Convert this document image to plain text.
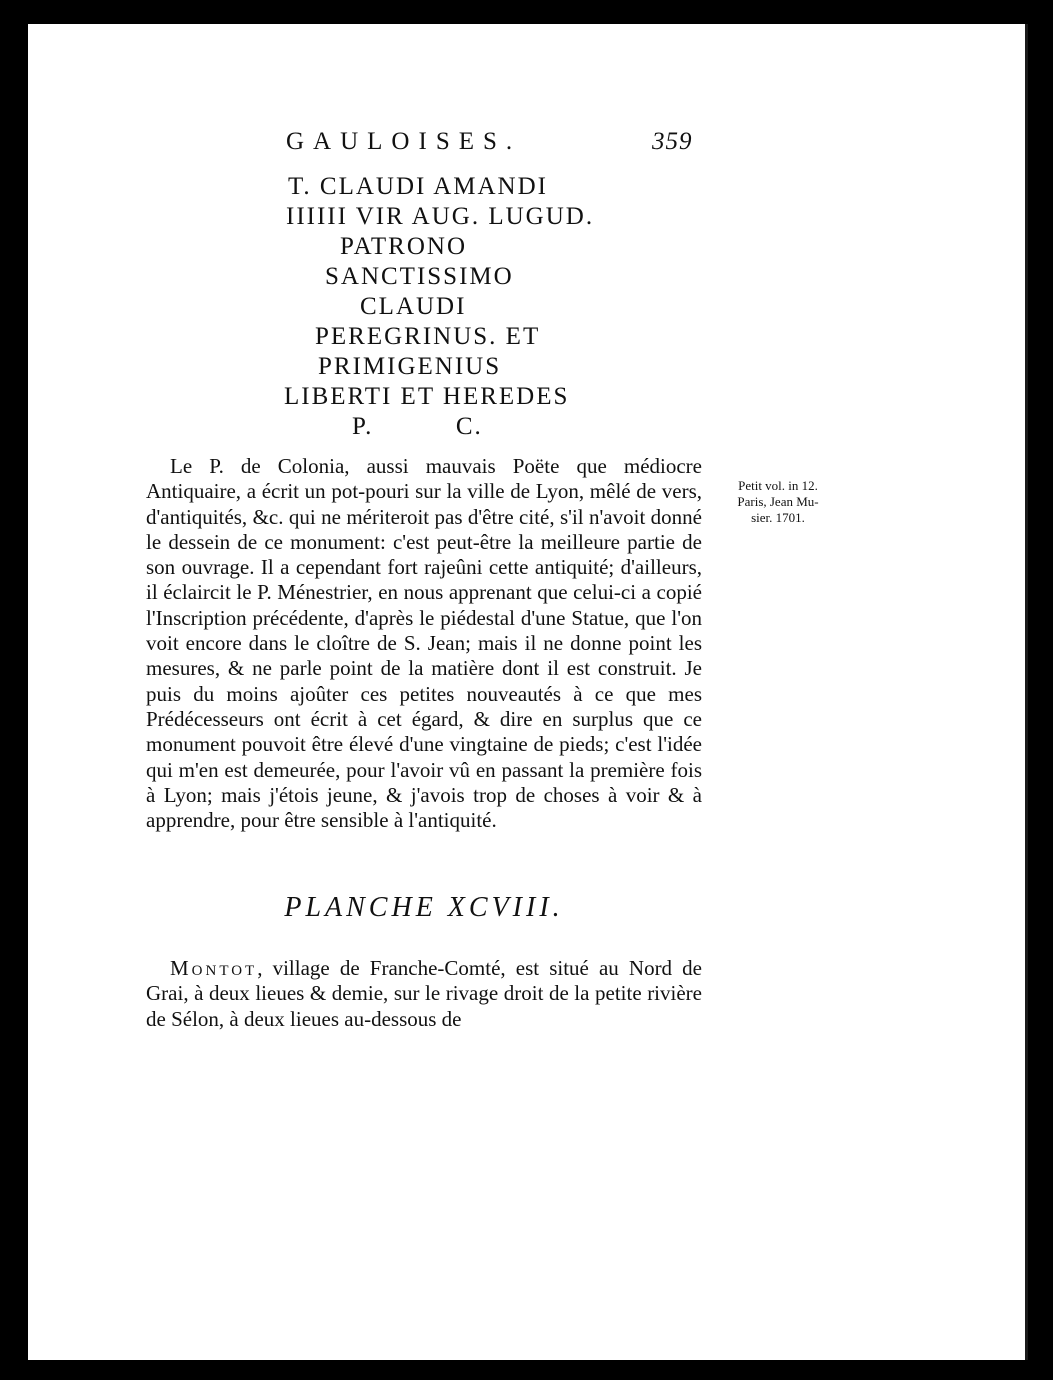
GAULOISES.	359
T. CLAUDI AMANDI
IIIIII VIR AUG. LUGUD.
PATRONO
SANCTISSIMO
CLAUDI
PEREGRINUS. ET
PRIMIGENIUS
LIBERTI ET HEREDES
P.          C.

Le P. de Colonia, aussi mauvais Poëte que médiocre Antiquaire, a écrit un pot-pouri sur la ville de Lyon, mêlé de vers, d'antiquités, &c. qui ne mériteroit pas d'être cité, s'il n'avoit donné le dessein de ce monument: c'est peut-être la meilleure partie de son ouvrage. Il a cependant fort rajeûni cette antiquité; d'ailleurs, il éclaircit le P. Ménestrier, en nous apprenant que celui-ci a copié l'Inscription précédente, d'après le piédestal d'une Statue, que l'on voit encore dans le cloître de S. Jean; mais il ne donne point les mesures, & ne parle point de la matière dont il est construit. Je puis du moins ajoûter ces petites nouveautés à ce que mes Prédécesseurs ont écrit à cet égard, & dire en surplus que ce monument pouvoit être élevé d'une vingtaine de pieds; c'est l'idée qui m'en est demeurée, pour l'avoir vû en passant la première fois à Lyon; mais j'étois jeune, & j'avois trop de choses à voir & à apprendre, pour être sensible à l'antiquité.

Petit vol. in 12.
Paris, Jean Mu-
sier. 1701.
PLANCHE XCVIII.

Montot, village de Franche-Comté, est situé au Nord de Grai, à deux lieues & demie, sur le rivage droit de la petite rivière de Sélon, à deux lieues au-dessous de
